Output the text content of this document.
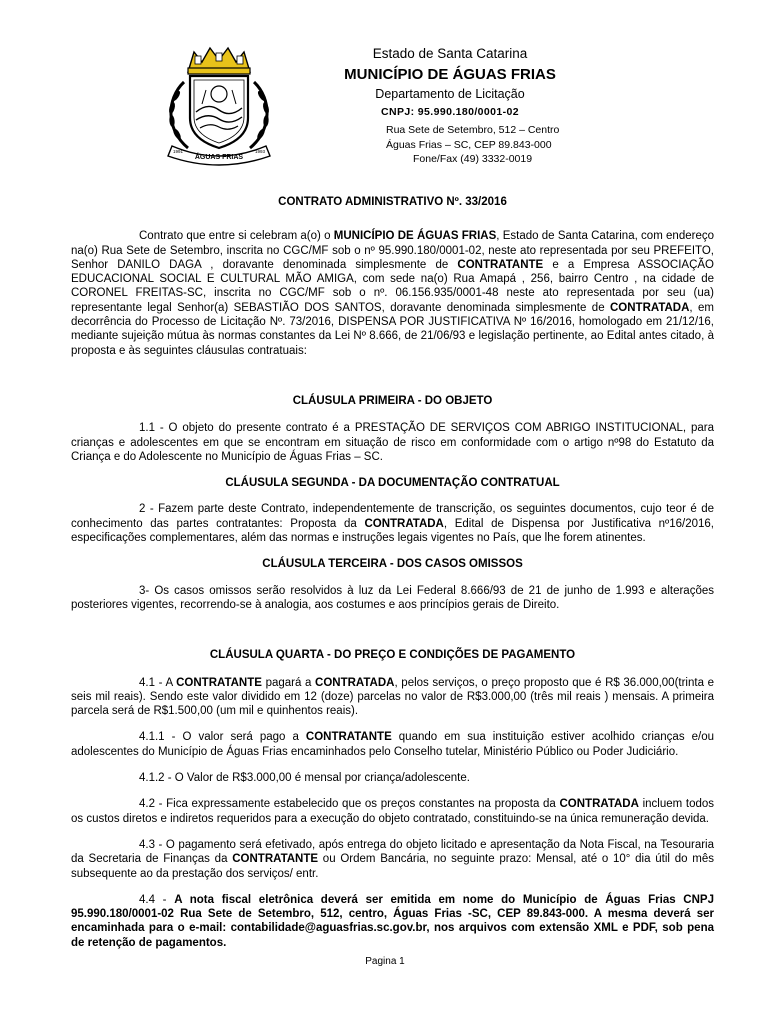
ÁGUAS FRIAS
1991	1993
Estado de Santa Catarina
MUNICÍPIO DE ÁGUAS FRIAS
Departamento de Licitação
CNPJ: 95.990.180/0001-02
Rua Sete de Setembro, 512 – Centro
Águas Frias – SC, CEP 89.843-000
Fone/Fax (49) 3332-0019
CONTRATO ADMINISTRATIVO Nº. 33/2016

Contrato que entre si celebram a(o) o MUNICÍPIO DE ÁGUAS FRIAS, Estado de Santa Catarina, com endereço na(o) Rua Sete de Setembro, inscrita no CGC/MF sob o nº 95.990.180/0001-02, neste ato representada por seu PREFEITO, Senhor DANILO DAGA , doravante denominada simplesmente de CONTRATANTE e a Empresa ASSOCIAÇÃO EDUCACIONAL SOCIAL E CULTURAL MÃO AMIGA, com sede na(o) Rua Amapá , 256, bairro Centro , na cidade de CORONEL FREITAS-SC, inscrita no CGC/MF sob o nº. 06.156.935/0001-48 neste ato representada por seu (ua) representante legal Senhor(a) SEBASTIÃO DOS SANTOS, doravante denominada simplesmente de CONTRATADA, em decorrência do Processo de Licitação Nº. 73/2016, DISPENSA POR JUSTIFICATIVA Nº 16/2016, homologado em 21/12/16, mediante sujeição mútua às normas constantes da Lei Nº 8.666, de 21/06/93 e legislação pertinente, ao Edital antes citado, à proposta e às seguintes cláusulas contratuais:

CLÁUSULA PRIMEIRA - DO OBJETO

1.1 - O objeto do presente contrato é a PRESTAÇÃO DE SERVIÇOS COM ABRIGO INSTITUCIONAL, para crianças e adolescentes em que se encontram em situação de risco em conformidade com o artigo nº98 do Estatuto da Criança e do Adolescente no Município de Águas Frias – SC.

CLÁUSULA SEGUNDA - DA DOCUMENTAÇÃO CONTRATUAL

2 - Fazem parte deste Contrato, independentemente de transcrição, os seguintes documentos, cujo teor é de conhecimento das partes contratantes: Proposta da CONTRATADA, Edital de Dispensa por Justificativa nº16/2016, especificações complementares, além das normas e instruções legais vigentes no País, que lhe forem atinentes.

CLÁUSULA TERCEIRA - DOS CASOS OMISSOS

3- Os casos omissos serão resolvidos à luz da Lei Federal 8.666/93 de 21 de junho de 1.993 e alterações posteriores vigentes, recorrendo-se à analogia, aos costumes e aos princípios gerais de Direito.

CLÁUSULA QUARTA - DO PREÇO E CONDIÇÕES DE PAGAMENTO

4.1 - A CONTRATANTE pagará a CONTRATADA, pelos serviços, o preço proposto que é R$ 36.000,00(trinta e seis mil reais). Sendo este valor dividido em 12 (doze) parcelas no valor de R$3.000,00 (três mil reais ) mensais. A primeira parcela será de R$1.500,00 (um mil e quinhentos reais).

4.1.1 - O valor será pago a CONTRATANTE quando em sua instituição estiver acolhido crianças e/ou adolescentes do Município de Águas Frias encaminhados pelo Conselho tutelar, Ministério Público ou Poder Judiciário.

4.1.2 - O Valor de R$3.000,00 é mensal por criança/adolescente.

4.2 - Fica expressamente estabelecido que os preços constantes na proposta da CONTRATADA incluem todos os custos diretos e indiretos requeridos para a execução do objeto contratado, constituindo-se na única remuneração devida.

4.3 - O pagamento será efetivado, após entrega do objeto licitado e apresentação da Nota Fiscal, na Tesouraria da Secretaria de Finanças da CONTRATANTE ou Ordem Bancária, no seguinte prazo: Mensal, até o 10° dia útil do mês subsequente ao da prestação dos serviços/ entr.

4.4 - A nota fiscal eletrônica deverá ser emitida em nome do Município de Águas Frias CNPJ 95.990.180/0001-02 Rua Sete de Setembro, 512, centro, Águas Frias -SC, CEP 89.843-000. A mesma deverá ser encaminhada para o e-mail: contabilidade@aguasfrias.sc.gov.br, nos arquivos com extensão XML e PDF, sob pena de retenção de pagamentos.

Pagina 1
